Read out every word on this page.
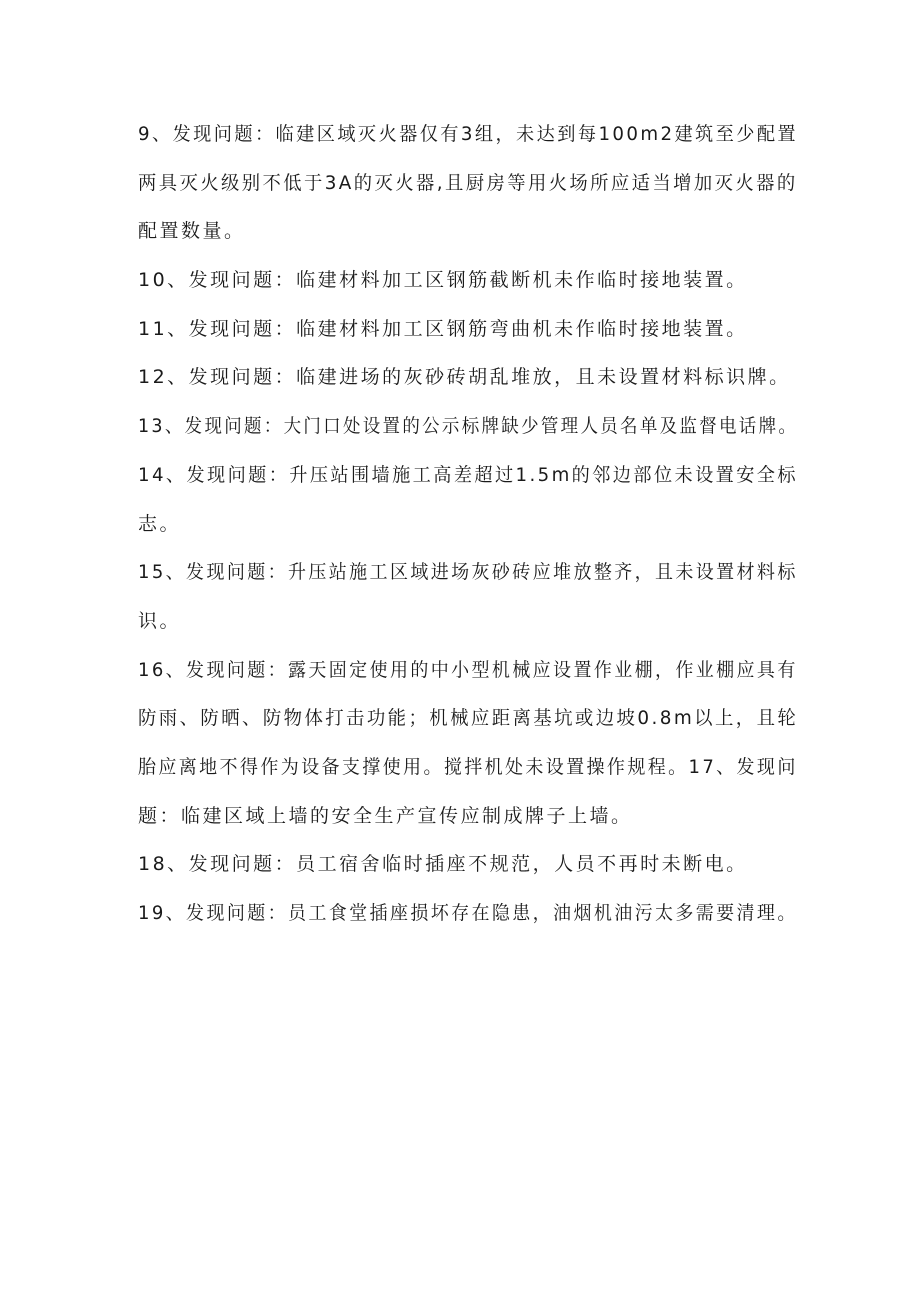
9、发现问题：临建区域灭火器仅有3组，未达到每100m2建筑至少配置
两具灭火级别不低于3A的灭火器,且厨房等用火场所应适当增加灭火器的
配置数量。
10、发现问题：临建材料加工区钢筋截断机未作临时接地装置。
11、发现问题：临建材料加工区钢筋弯曲机未作临时接地装置。
12、发现问题：临建进场的灰砂砖胡乱堆放，且未设置材料标识牌。
13、发现问题：大门口处设置的公示标牌缺少管理人员名单及监督电话牌。
14、发现问题：升压站围墙施工高差超过1.5m的邻边部位未设置安全标
志。
15、发现问题：升压站施工区域进场灰砂砖应堆放整齐，且未设置材料标
识。
16、发现问题：露天固定使用的中小型机械应设置作业棚，作业棚应具有
防雨、防晒、防物体打击功能；机械应距离基坑或边坡0.8m以上，且轮
胎应离地不得作为设备支撑使用。搅拌机处未设置操作规程。17、发现问
题：临建区域上墙的安全生产宣传应制成牌子上墙。
18、发现问题：员工宿舍临时插座不规范，人员不再时未断电。
19、发现问题：员工食堂插座损坏存在隐患，油烟机油污太多需要清理。
